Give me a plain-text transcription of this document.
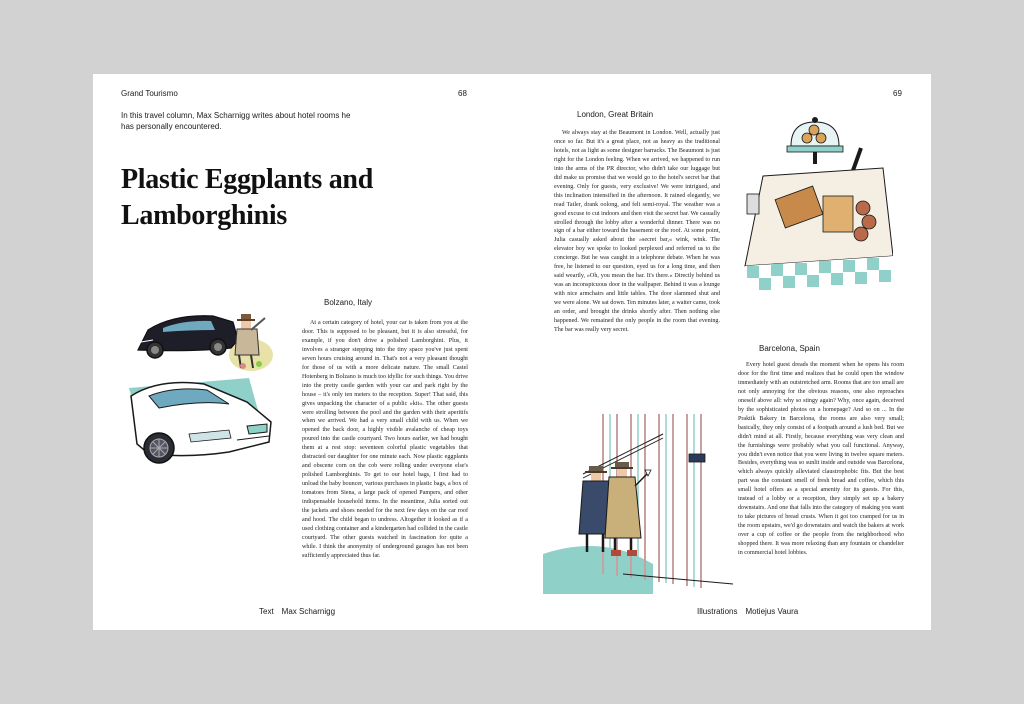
Grand Tourismo	68
In this travel column, Max Scharnigg writes about hotel rooms he has personally encountered.
Plastic Eggplants and
Lamborghinis
Bolzano, Italy

At a certain category of hotel, your car is taken from you at the door. This is supposed to be pleasant, but it is also stressful, for example, if you don't drive a polished Lamborghini. Plus, it involves a stranger stepping into the tiny space you've just spent seven hours cruising around in. That's not a very pleasant thought for those of us with a more delicate nature. The small Castel Hotenberg in Bolzano is much too idyllic for such things. You drive into the pretty castle garden with your car and park right by the house – it's only ten meters to the reception. Super! That said, this gives unpacking the character of a public »kit«. The other guests were strolling between the pool and the garden with their aperitifs when we arrived. We had a very small child with us. When we opened the back door, a highly visible avalanche of cheap toys poured into the castle courtyard. Two hours earlier, we had bought them at a rest stop: seventeen colorful plastic vegetables that distracted our daughter for one minute each. Now plastic eggplants and obscene corn on the cob were rolling under everyone else's polished Lamborghinis. To get to our hotel bags, I first had to unload the baby bouncer, various purchases in plastic bags, a box of tomatoes from Siena, a large pack of opened Pampers, and other indispensable household items. In the meantime, Julia sorted out the jackets and shoes needed for the next few days on the car roof and hood. The child began to undress. Altogether it looked as if a used clothing container and a kindergarten had collided in the castle courtyard. The other guests watched in fascination for quite a while. I think the anonymity of underground garages has not been sufficiently appreciated thus far.

Text Max Scharnigg
69
London, Great Britain

We always stay at the Beaumont in London. Well, actually just once so far. But it's a great place, not as heavy as the traditional hotels, not as light as some designer barracks. The Beaumont is just right for the London feeling. When we arrived, we happened to run into the arms of the PR director, who didn't take our luggage but did make us promise that we would go to the hotel's secret bar that evening. Only for guests, very exclusive! We were intrigued, and this inclination intensified in the afternoon. It rained elegantly, we read Tatler, drank oolong, and felt semi-royal. The weather was a good excuse to cut indoors and then visit the secret bar. We casually strolled through the lobby after a wonderful dinner. There was no sign of a bar either toward the basement or the roof. At some point, Julia casually asked about the »secret bar,« wink, wink. The elevator boy we spoke to looked perplexed and referred us to the concierge. But he was caught in a telephone debate. When he was free, he listened to our question, eyed us for a long time, and then said wearily, »Oh, you mean the bar. It's there.« Directly behind us was an inconspicuous door in the wallpaper. Behind it was a lounge with nice armchairs and little tables. The door slammed shut and we were alone. We sat down. Ten minutes later, a waiter came, took an order, and brought the drinks shortly after. Then nothing else happened. We remained the only people in the room that evening. The bar was really very secret.

Barcelona, Spain

Every hotel guest dreads the moment when he opens his room door for the first time and realizes that he could open the window immediately with an outstretched arm. Rooms that are too small are not only annoying for the obvious reasons, one also reproaches oneself above all: why so stingy again? Why, once again, deceived by the sophisticated photos on a homepage? And so on ... In the Praktik Bakery in Barcelona, the rooms are also very small; basically, they only consist of a footpath around a lush bed. But we didn't mind at all. Firstly, because everything was very clean and the furnishings were probably what you call functional. Anyway, you didn't even notice that you were living in twelve square meters. Besides, everything was so sunlit inside and outside was Barcelona, which always quickly alleviated claustrophobic fits. But the best part was the constant smell of fresh bread and coffee, which this small hotel offers as a special amenity for its guests. For this, instead of a lobby or a reception, they simply set up a bakery downstairs. And one that falls into the category of making you want to take pictures of bread crusts. When it got too cramped for us in the room upstairs, we'd go downstairs and watch the bakers at work over a cup of coffee or the people from the neighborhood who shopped there. It was more relaxing than any fountain or chandelier in commercial hotel lobbies.

Illustrations Motiejus Vaura
